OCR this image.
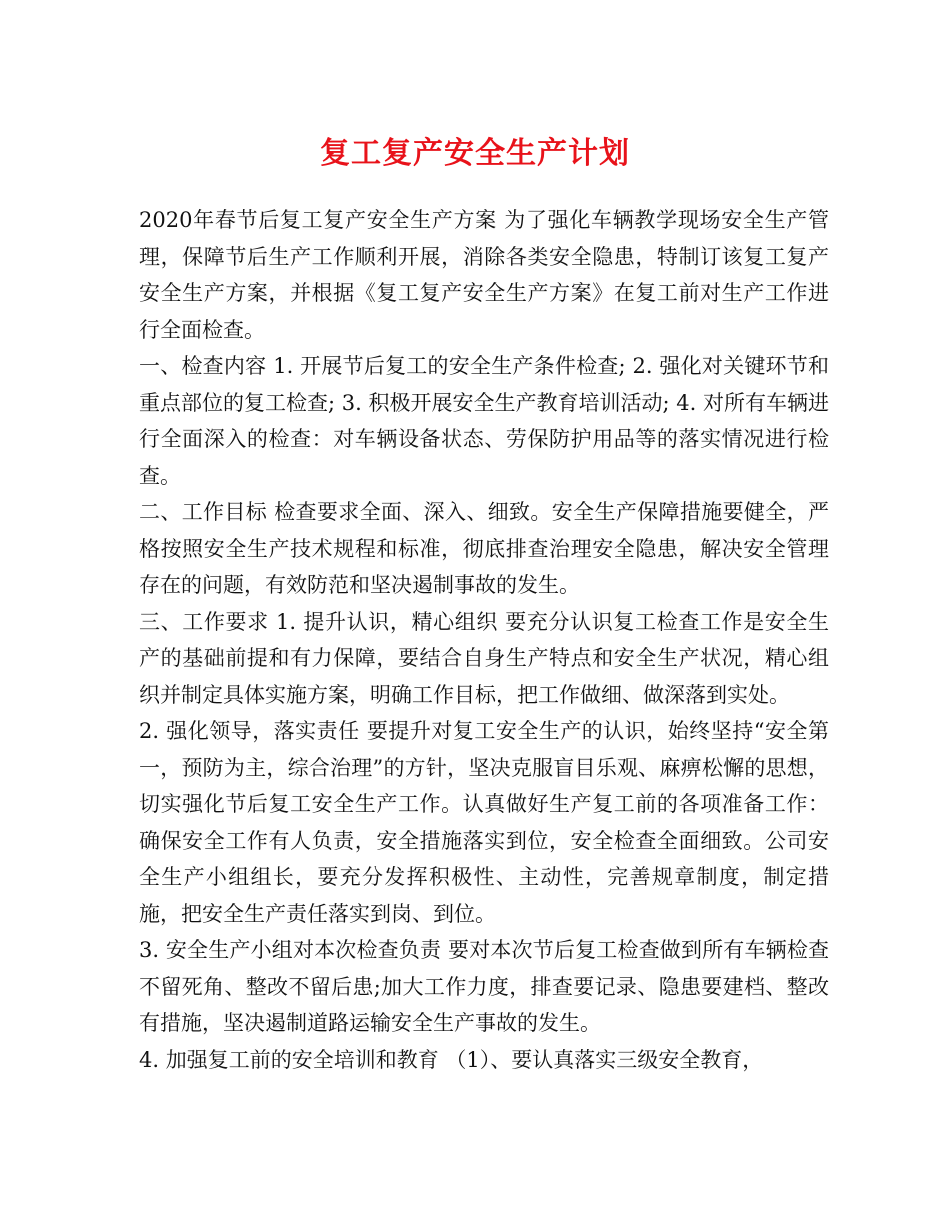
复工复产安全生产计划

2020年春节后复工复产安全生产方案 为了强化车辆教学现场安全生产管理，保障节后生产工作顺利开展，消除各类安全隐患，特制订该复工复产安全生产方案，并根据《复工复产安全生产方案》在复工前对生产工作进行全面检查。

一、检查内容 1. 开展节后复工的安全生产条件检查; 2. 强化对关键环节和重点部位的复工检查; 3. 积极开展安全生产教育培训活动; 4. 对所有车辆进行全面深入的检查：对车辆设备状态、劳保防护用品等的落实情况进行检查。

二、工作目标 检查要求全面、深入、细致。安全生产保障措施要健全，严格按照安全生产技术规程和标准，彻底排查治理安全隐患，解决安全管理存在的问题，有效防范和坚决遏制事故的发生。

三、工作要求 1. 提升认识，精心组织 要充分认识复工检查工作是安全生产的基础前提和有力保障，要结合自身生产特点和安全生产状况，精心组织并制定具体实施方案，明确工作目标，把工作做细、做深落到实处。

2. 强化领导，落实责任 要提升对复工安全生产的认识，始终坚持“安全第一，预防为主，综合治理”的方针，坚决克服盲目乐观、麻痹松懈的思想，切实强化节后复工安全生产工作。认真做好生产复工前的各项准备工作：确保安全工作有人负责，安全措施落实到位，安全检查全面细致。公司安全生产小组组长，要充分发挥积极性、主动性，完善规章制度，制定措施，把安全生产责任落实到岗、到位。

3. 安全生产小组对本次检查负责 要对本次节后复工检查做到所有车辆检查不留死角、整改不留后患;加大工作力度，排查要记录、隐患要建档、整改有措施，坚决遏制道路运输安全生产事故的发生。

4. 加强复工前的安全培训和教育 （1）、要认真落实三级安全教育，
